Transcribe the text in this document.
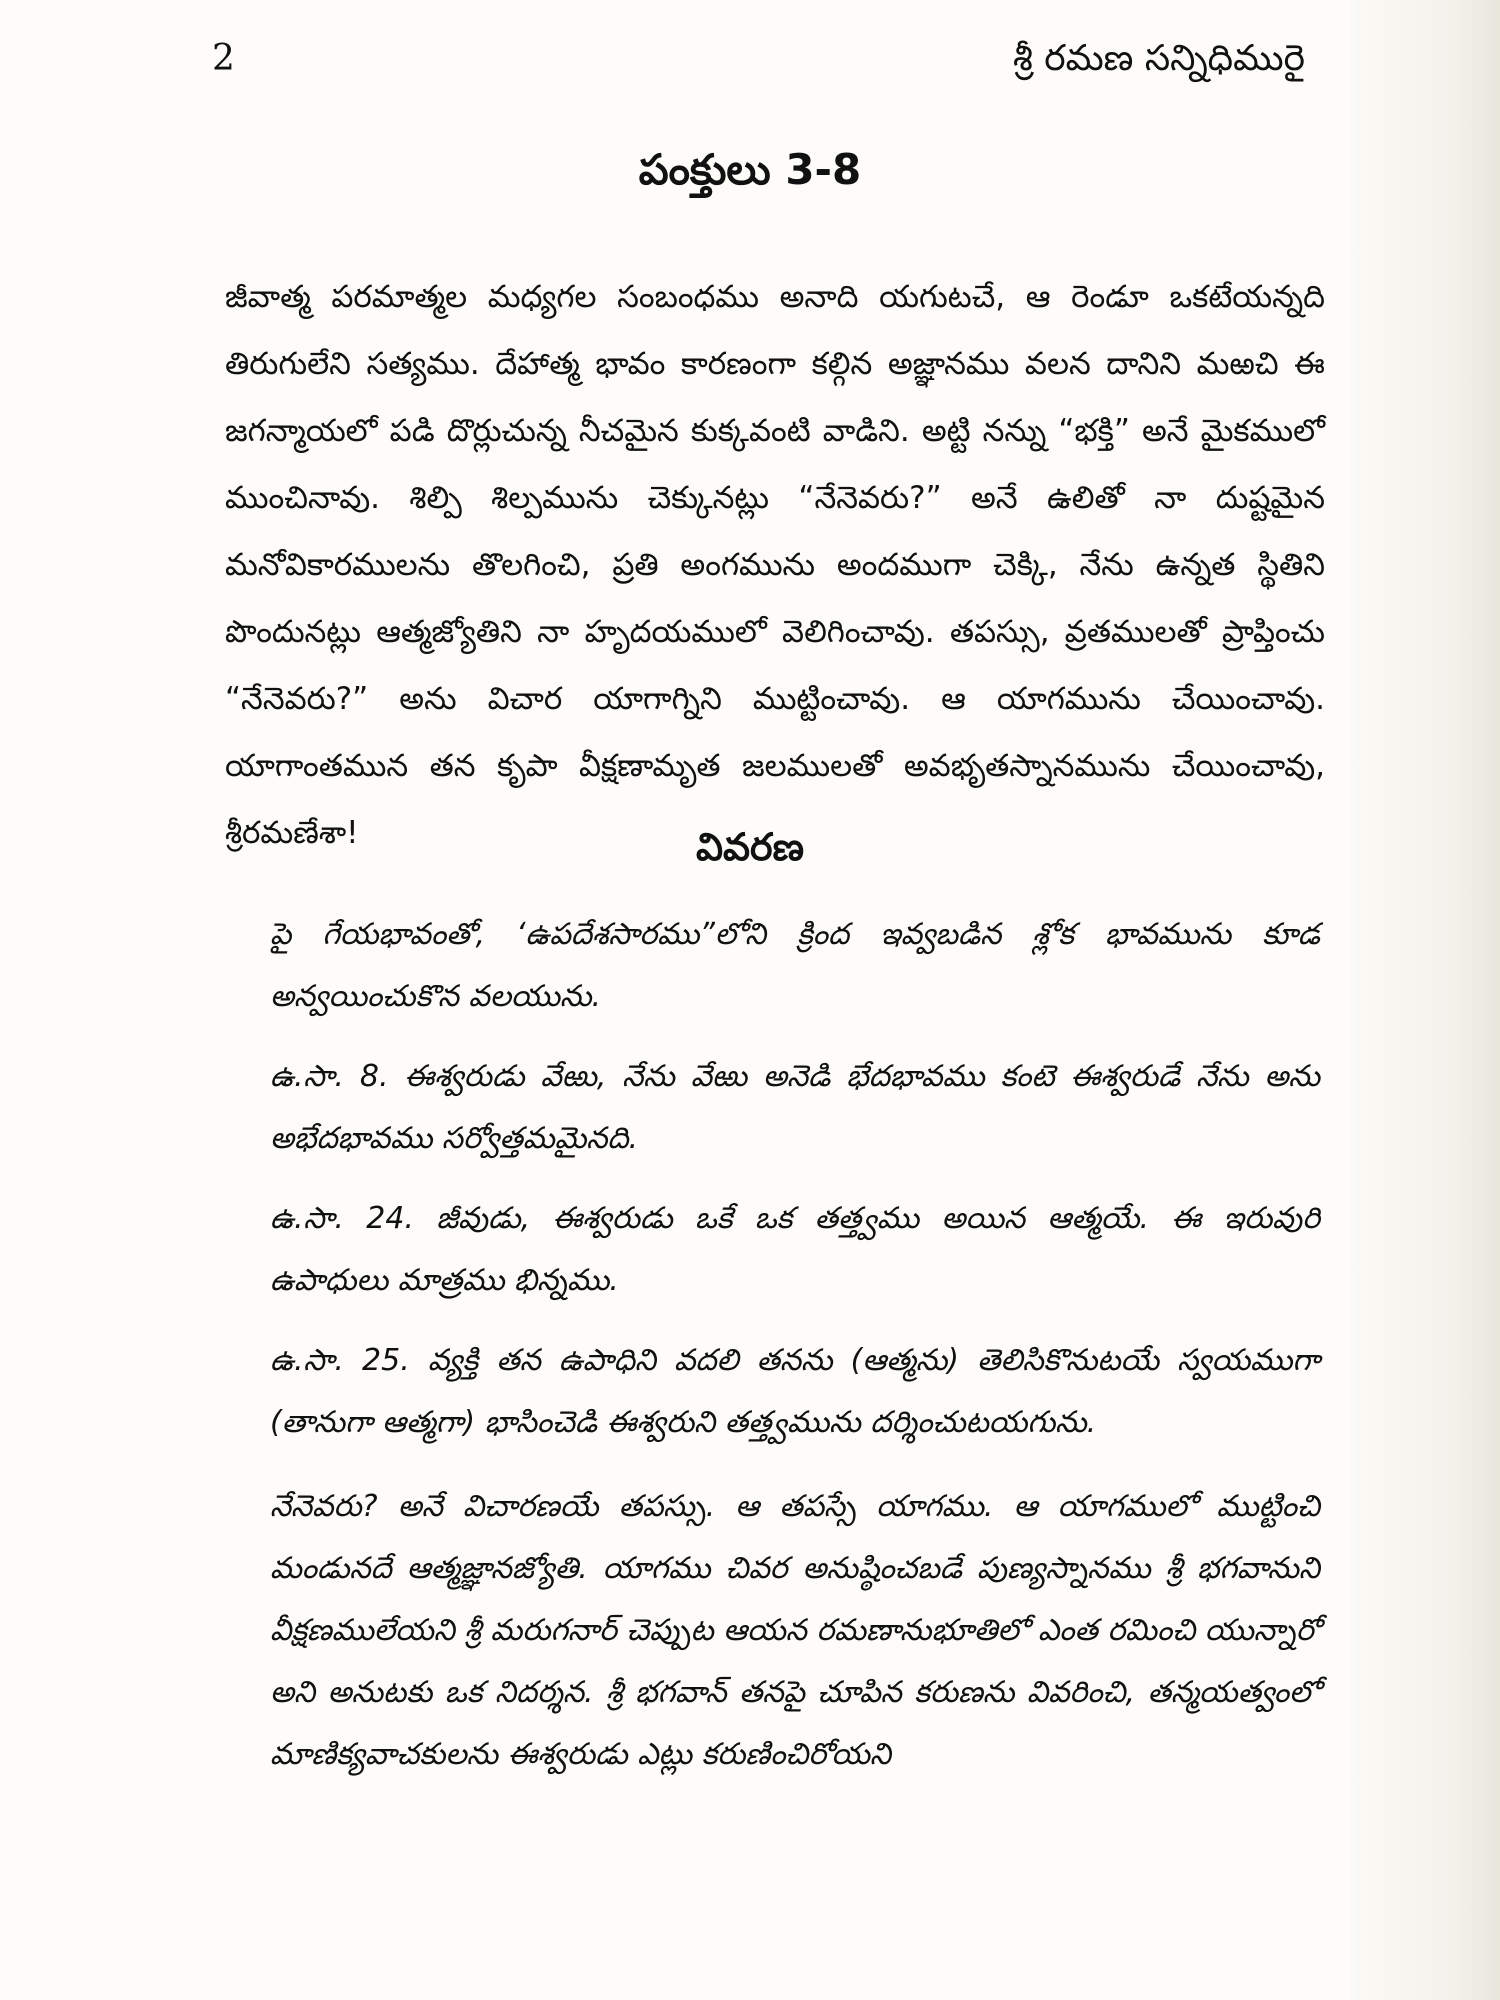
2	శ్రీ రమణ సన్నిధిమురై
పంక్తులు 3-8

జీవాత్మ పరమాత్మల మధ్యగల సంబంధము అనాది యగుటచే, ఆ రెండూ ఒకటేయన్నది తిరుగులేని సత్యము. దేహాత్మ భావం కారణంగా కల్గిన అజ్ఞానము వలన దానిని మఱచి ఈ జగన్మాయలో పడి దొర్లుచున్న నీచమైన కుక్కవంటి వాడిని. అట్టి నన్ను “భక్తి” అనే మైకములో ముంచినావు. శిల్పి శిల్పమును చెక్కునట్లు “నేనెవరు?” అనే ఉలితో నా దుష్టమైన మనోవికారములను తొలగించి, ప్రతి అంగమును అందముగా చెక్కి, నేను ఉన్నత స్థితిని పొందునట్లు ఆత్మజ్యోతిని నా హృదయములో వెలిగించావు. తపస్సు, వ్రతములతో ప్రాప్తించు “నేనెవరు?” అను విచార యాగాగ్నిని ముట్టించావు. ఆ యాగమును చేయించావు. యాగాంతమున తన కృపా వీక్షణామృత జలములతో అవభృతస్నానమును చేయించావు, శ్రీరమణేశా!	వివరణ

పై గేయభావంతో, ‘ఉపదేశసారము”లోని క్రింద ఇవ్వబడిన శ్లోక భావమును కూడ అన్వయించుకొన వలయును.

ఉ.సా. 8. ఈశ్వరుడు వేఱు, నేను వేఱు అనెడి భేదభావము కంటె ఈశ్వరుడే నేను అను అభేదభావము సర్వోత్తమమైనది.

ఉ.సా. 24. జీవుడు, ఈశ్వరుడు ఒకే ఒక తత్త్వము అయిన ఆత్మయే. ఈ ఇరువురి ఉపాధులు మాత్రము భిన్నము.

ఉ.సా. 25. వ్యక్తి తన ఉపాధిని వదలి తనను (ఆత్మను) తెలిసికొనుటయే స్వయముగా (తానుగా ఆత్మగా) భాసించెడి ఈశ్వరుని తత్త్వమును దర్శించుటయగును.

నేనెవరు? అనే విచారణయే తపస్సు. ఆ తపస్సే యాగము. ఆ యాగములో ముట్టించి మండునదే ఆత్మజ్ఞానజ్యోతి. యాగము చివర అనుష్ఠించబడే పుణ్యస్నానము శ్రీ భగవానుని వీక్షణములేయని శ్రీ మరుగనార్ చెప్పుట ఆయన రమణానుభూతిలో ఎంత రమించి యున్నారో అని అనుటకు ఒక నిదర్శన. శ్రీ భగవాన్ తనపై చూపిన కరుణను వివరించి, తన్మయత్వంలో మాణిక్యవాచకులను ఈశ్వరుడు ఎట్లు కరుణించిరోయని
